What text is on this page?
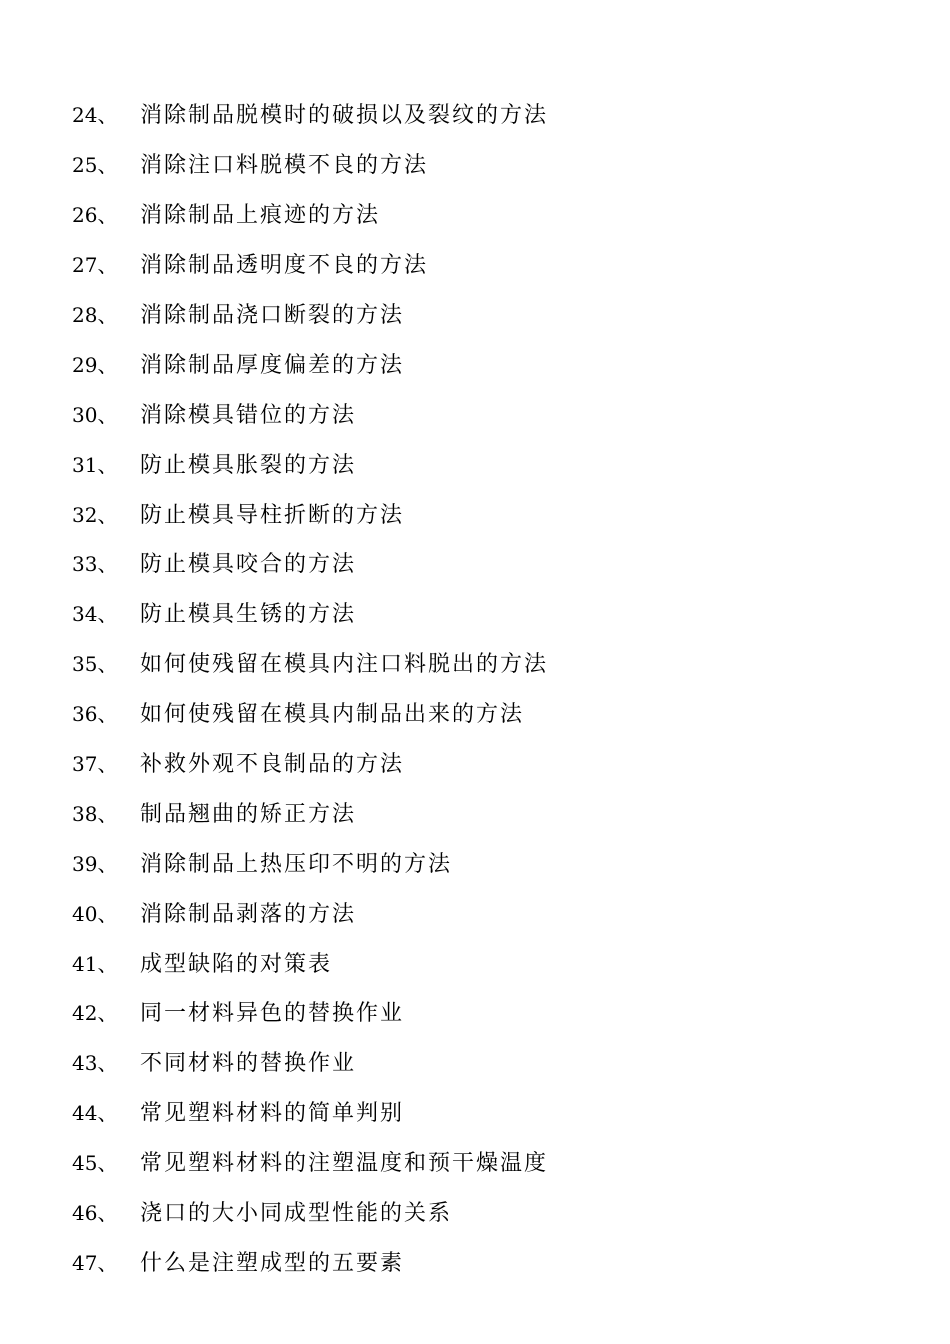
24、	消除制品脱模时的破损以及裂纹的方法
25、	消除注口料脱模不良的方法
26、	消除制品上痕迹的方法
27、	消除制品透明度不良的方法
28、	消除制品浇口断裂的方法
29、	消除制品厚度偏差的方法
30、	消除模具错位的方法
31、	防止模具胀裂的方法
32、	防止模具导柱折断的方法
33、	防止模具咬合的方法
34、	防止模具生锈的方法
35、	如何使残留在模具内注口料脱出的方法
36、	如何使残留在模具内制品出来的方法
37、	补救外观不良制品的方法
38、	制品翘曲的矫正方法
39、	消除制品上热压印不明的方法
40、	消除制品剥落的方法
41、	成型缺陷的对策表
42、	同一材料异色的替换作业
43、	不同材料的替换作业
44、	常见塑料材料的简单判别
45、	常见塑料材料的注塑温度和预干燥温度
46、	浇口的大小同成型性能的关系
47、	什么是注塑成型的五要素
